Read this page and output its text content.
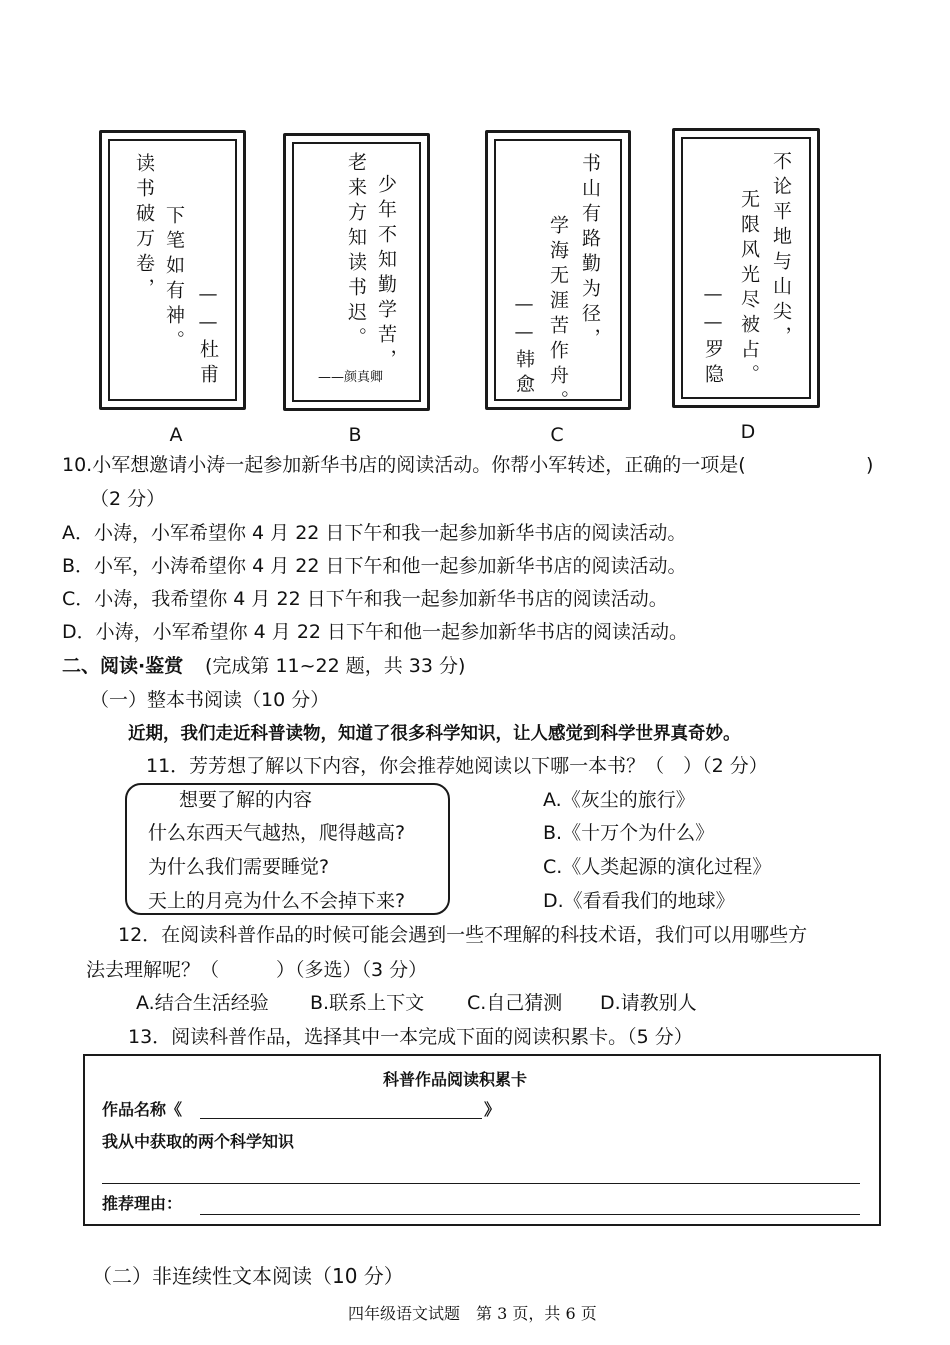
读书破万卷， 下笔如有神。 ——杜甫
A
少年不知勤学苦，
老来方知读书迟。
——颜真卿
B
书山有路勤为径，
学海无涯苦作舟。
——韩愈
C
不论平地与山尖，
无限风光尽被占。
——罗隐
D
10.小军想邀请小涛一起参加新华书店的阅读活动。你帮小军转述，正确的一项是(	)
（2 分）
A．小涛，小军希望你 4 月 22 日下午和我一起参加新华书店的阅读活动。
B．小军，小涛希望你 4 月 22 日下午和他一起参加新华书店的阅读活动。
C．小涛，我希望你 4 月 22 日下午和我一起参加新华书店的阅读活动。
D．小涛，小军希望你 4 月 22 日下午和他一起参加新华书店的阅读活动。
二、阅读·鉴赏 (完成第 11~22 题，共 33 分)
（一）整本书阅读（10 分）
近期，我们走近科普读物，知道了很多科学知识，让人感觉到科学世界真奇妙。
11．芳芳想了解以下内容，你会推荐她阅读以下哪一本书？（　）（2 分）
想要了解的内容
什么东西天气越热，爬得越高?
为什么我们需要睡觉?
天上的月亮为什么不会掉下来?
A.《灰尘的旅行》
B.《十万个为什么》
C.《人类起源的演化过程》
D.《看看我们的地球》
12．在阅读科普作品的时候可能会遇到一些不理解的科技术语，我们可以用哪些方
法去理解呢？（　　　）（多选）（3 分）
A.结合生活经验 B.联系上下文 C.自己猜测 D.请教别人
13．阅读科普作品，选择其中一本完成下面的阅读积累卡。（5 分）
科普作品阅读积累卡
作品名称《	》
我从中获取的两个科学知识
推荐理由：
（二）非连续性文本阅读（10 分）
四年级语文试题　第 3 页，共 6 页
